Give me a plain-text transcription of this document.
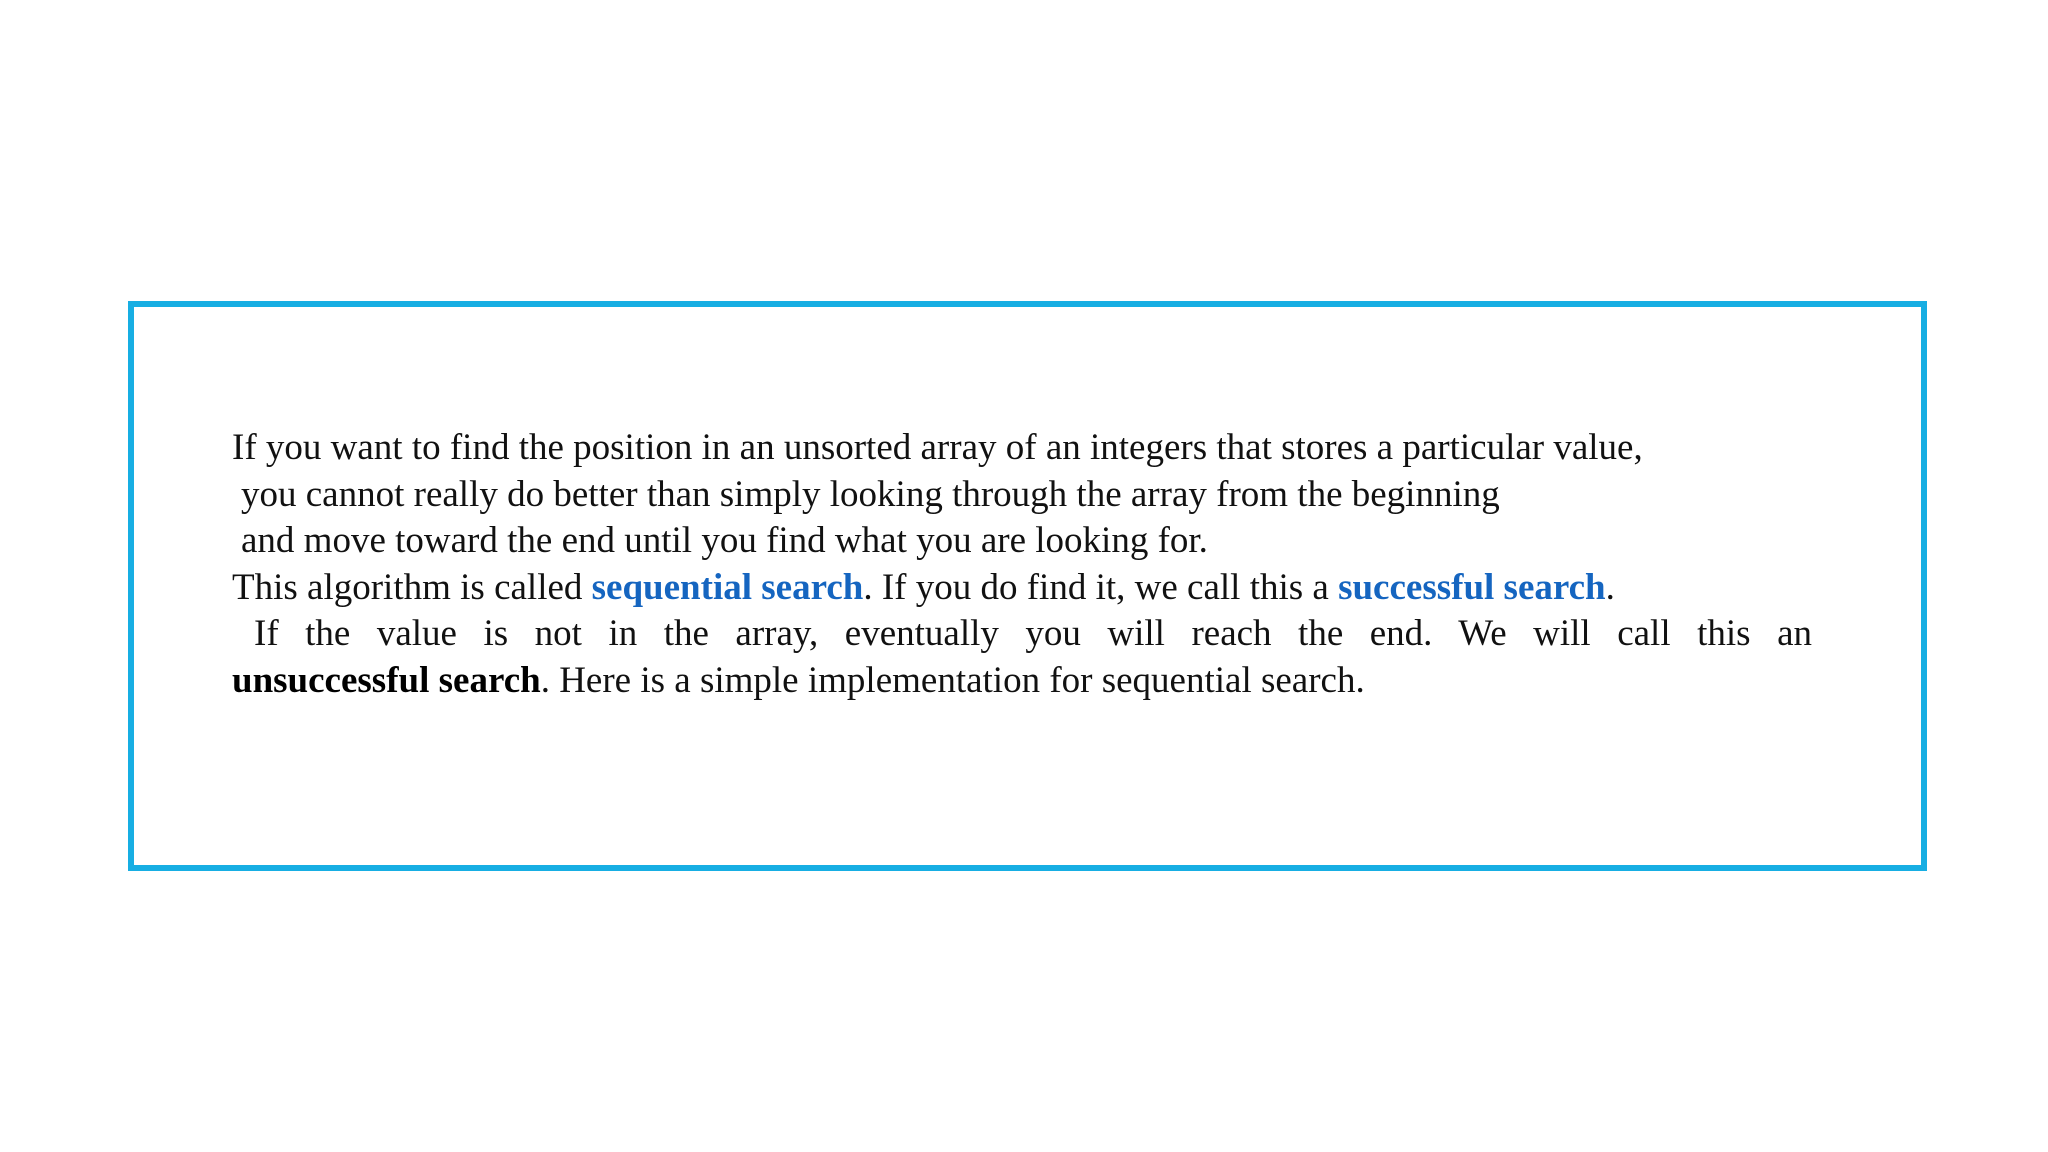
If you want to find the position in an unsorted array of an integers that stores a particular value,
you cannot really do better than simply looking through the array from the beginning
and move toward the end until you find what you are looking for.
This algorithm is called sequential search. If you do find it, we call this a successful search.
If the value is not in the array, eventually you will reach the end. We will call this an
unsuccessful search. Here is a simple implementation for sequential search.
